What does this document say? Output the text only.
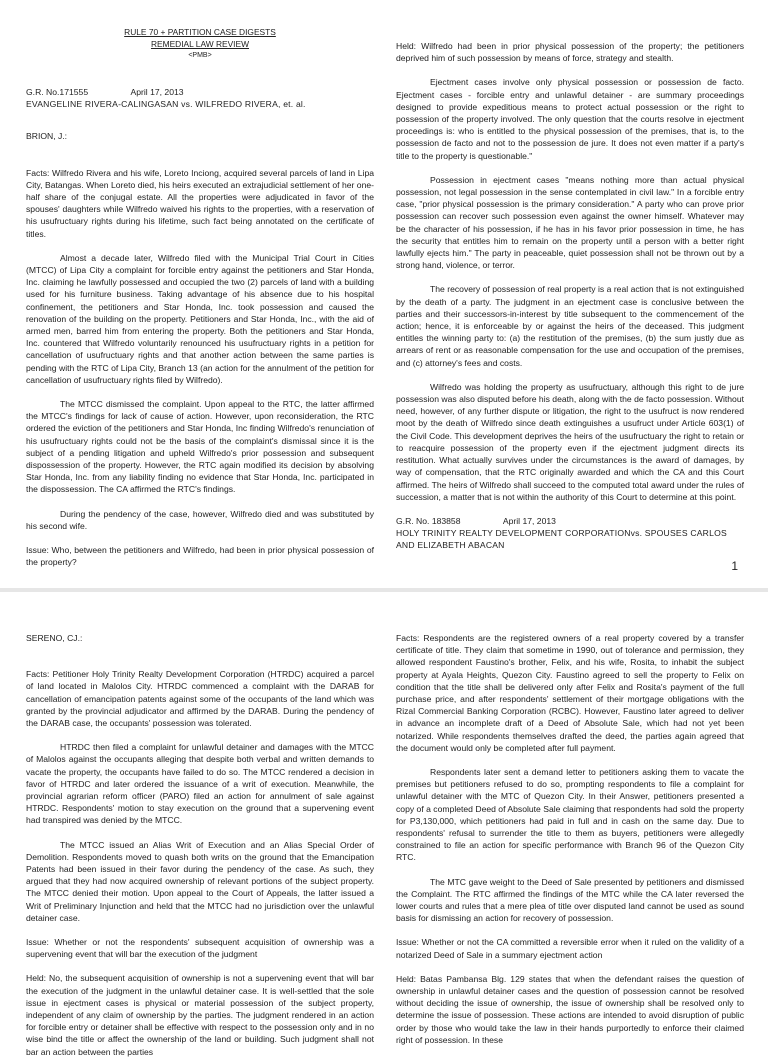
RULE 70 + PARTITION CASE DIGESTS
REMEDIAL LAW REVIEW
<PMB>
G.R. No.171555	April 17, 2013
EVANGELINE RIVERA-CALINGASAN vs. WILFREDO RIVERA, et. al.
BRION, J.:

Facts: Wilfredo Rivera and his wife, Loreto Inciong, acquired several parcels of land in Lipa City, Batangas. When Loreto died, his heirs executed an extrajudicial settlement of her one-half share of the conjugal estate. All the properties were adjudicated in favor of the spouses' daughters while Wilfredo waived his rights to the properties, with a reservation of his usufructuary rights during his lifetime, such fact being annotated on the certificate of titles.

Almost a decade later, Wilfredo filed with the Municipal Trial Court in Cities (MTCC) of Lipa City a complaint for forcible entry against the petitioners and Star Honda, Inc. claiming he lawfully possessed and occupied the two (2) parcels of land with a building used for his furniture business. Taking advantage of his absence due to his hospital confinement, the petitioners and Star Honda, Inc. took possession and caused the renovation of the building on the property. Petitioners and Star Honda, Inc., with the aid of armed men, barred him from entering the property. Both the petitioners and Star Honda, Inc. countered that Wilfredo voluntarily renounced his usufructuary rights in a petition for cancellation of usufructuary rights and that another action between the same parties is pending with the RTC of Lipa City, Branch 13 (an action for the annulment of the petition for cancellation of usufructuary rights filed by Wilfredo).

The MTCC dismissed the complaint. Upon appeal to the RTC, the latter affirmed the MTCC's findings for lack of cause of action. However, upon reconsideration, the RTC ordered the eviction of the petitioners and Star Honda, Inc finding Wilfredo's renunciation of his usufructuary rights could not be the basis of the complaint's dismissal since it is the subject of a pending litigation and upheld Wilfredo's prior possession and subsequent dispossession of the property. However, the RTC again modified its decision by absolving Star Honda, Inc. from any liability finding no evidence that Star Honda, Inc. participated in the dispossession. The CA affirmed the RTC's findings.

During the pendency of the case, however, Wilfredo died and was substituted by his second wife.

Issue: Who, between the petitioners and Wilfredo, had been in prior physical possession of the property?

Held: Wilfredo had been in prior physical possession of the property; the petitioners deprived him of such possession by means of force, strategy and stealth.

Ejectment cases involve only physical possession or possession de facto. Ejectment cases - forcible entry and unlawful detainer - are summary proceedings designed to provide expeditious means to protect actual possession or the right to possession of the property involved. The only question that the courts resolve in ejectment proceedings is: who is entitled to the physical possession of the premises, that is, to the possession de facto and not to the possession de jure. It does not even matter if a party's title to the property is questionable."

Possession in ejectment cases "means nothing more than actual physical possession, not legal possession in the sense contemplated in civil law." In a forcible entry case, "prior physical possession is the primary consideration." A party who can prove prior possession can recover such possession even against the owner himself. Whatever may be the character of his possession, if he has in his favor prior possession in time, he has the security that entitles him to remain on the property until a person with a better right lawfully ejects him." The party in peaceable, quiet possession shall not be thrown out by a strong hand, violence, or terror.

The recovery of possession of real property is a real action that is not extinguished by the death of a party. The judgment in an ejectment case is conclusive between the parties and their successors-in-interest by title subsequent to the commencement of the action; hence, it is enforceable by or against the heirs of the deceased. This judgment entitles the winning party to: (a) the restitution of the premises, (b) the sum justly due as arrears of rent or as reasonable compensation for the use and occupation of the premises, and (c) attorney's fees and costs.

Wilfredo was holding the property as usufructuary, although this right to de jure possession was also disputed before his death, along with the de facto possession. Without need, however, of any further dispute or litigation, the right to the usufruct is now rendered moot by the death of Wilfredo since death extinguishes a usufruct under Article 603(1) of the Civil Code. This development deprives the heirs of the usufructuary the right to retain or to reacquire possession of the property even if the ejectment judgment directs its restitution. What actually survives under the circumstances is the award of damages, by way of compensation, that the RTC originally awarded and which the CA and this Court affirmed. The heirs of Wilfredo shall succeed to the computed total award under the rules of succession, a matter that is not within the authority of this Court to determine at this point.

G.R. No. 183858	April 17, 2013
HOLY TRINITY REALTY DEVELOPMENT CORPORATIONvs. SPOUSES CARLOS AND ELIZABETH ABACAN
1
SERENO, CJ.:

Facts: Petitioner Holy Trinity Realty Development Corporation (HTRDC) acquired a parcel of land located in Malolos City. HTRDC commenced a complaint with the DARAB for cancellation of emancipation patents against some of the occupants of the land which was granted by the provincial adjudicator and affirmed by the DARAB. During the pendency of the DARAB case, the occupants' possession was tolerated.

HTRDC then filed a complaint for unlawful detainer and damages with the MTCC of Malolos against the occupants alleging that despite both verbal and written demands to vacate the property, the occupants have failed to do so. The MTCC rendered a decision in favor of HTRDC and later ordered the issuance of a writ of execution. Meanwhile, the provincial agrarian reform officer (PARO) filed an action for annulment of sale against HTRDC. Respondents' motion to stay execution on the ground that a supervening event had transpired was denied by the MTCC.

The MTCC issued an Alias Writ of Execution and an Alias Special Order of Demolition. Respondents moved to quash both writs on the ground that the Emancipation Patents had been issued in their favor during the pendency of the case. As such, they argued that they had now acquired ownership of relevant portions of the subject property. The MTCC denied their motion. Upon appeal to the Court of Appeals, the latter issued a Writ of Preliminary Injunction and held that the MTCC had no jurisdiction over the unlawful detainer case.

Issue: Whether or not the respondents' subsequent acquisition of ownership was a supervening event that will bar the execution of the judgment

Held: No, the subsequent acquisition of ownership is not a supervening event that will bar the execution of the judgment in the unlawful detainer case. It is well-settled that the sole issue in ejectment cases is physical or material possession of the subject property, independent of any claim of ownership by the parties. The judgment rendered in an action for forcible entry or detainer shall be effective with respect to the possession only and in no wise bind the title or affect the ownership of the land or building. Such judgment shall not bar an action between the parties

Facts: Respondents are the registered owners of a real property covered by a transfer certificate of title. They claim that sometime in 1990, out of tolerance and permission, they allowed respondent Faustino's brother, Felix, and his wife, Rosita, to inhabit the subject property at Ayala Heights, Quezon City. Faustino agreed to sell the property to Felix on condition that the title shall be delivered only after Felix and Rosita's payment of the full purchase price, and after respondents' settlement of their mortgage obligations with the Rizal Commercial Banking Corporation (RCBC). However, Faustino later agreed to deliver in advance an incomplete draft of a Deed of Absolute Sale, which had not yet been notarized. While respondents themselves drafted the deed, the parties again agreed that the document would only be completed after full payment.

Respondents later sent a demand letter to petitioners asking them to vacate the premises but petitioners refused to do so, prompting respondents to file a complaint for unlawful detainer with the MTC of Quezon City. In their Answer, petitioners presented a copy of a completed Deed of Absolute Sale claiming that respondents had sold the property for P3,130,000, which petitioners had paid in full and in cash on the same day. Due to respondents' refusal to surrender the title to them as buyers, petitioners were allegedly constrained to file an action for specific performance with Branch 96 of the Quezon City RTC.

The MTC gave weight to the Deed of Sale presented by petitioners and dismissed the Complaint. The RTC affirmed the findings of the MTC while the CA later reversed the lower courts and rules that a mere plea of title over disputed land cannot be used as sound basis for dismissing an action for recovery of possession.

Issue: Whether or not the CA committed a reversible error when it ruled on the validity of a notarized Deed of Sale in a summary ejectment action

Held: Batas Pambansa Blg. 129 states that when the defendant raises the question of ownership in unlawful detainer cases and the question of possession cannot be resolved without deciding the issue of ownership, the issue of ownership shall be resolved only to determine the issue of possession. These actions are intended to avoid disruption of public order by those who would take the law in their hands purportedly to enforce their claimed right of possession. In these
